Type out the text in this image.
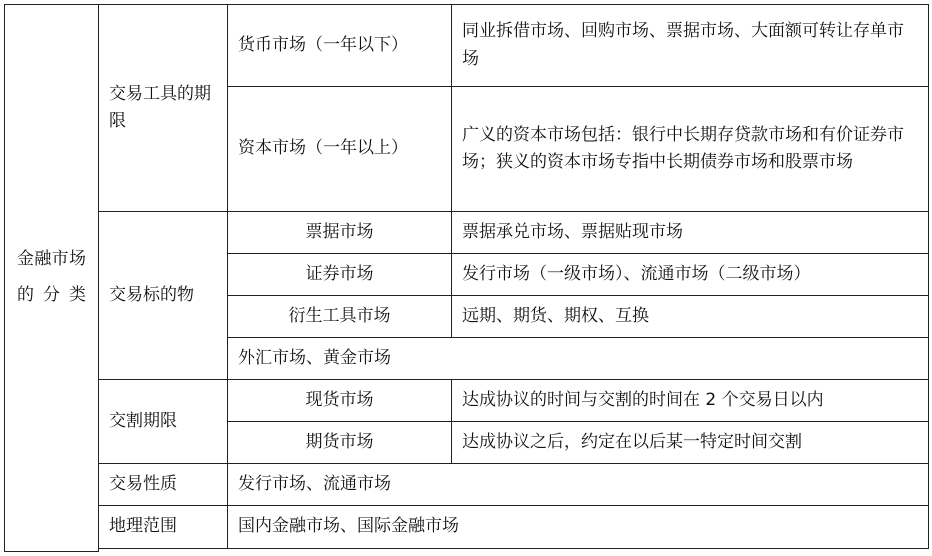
金融市场的分类	交易工具的期限	货币市场（一年以下）	同业拆借市场、回购市场、票据市场、大面额可转让存单市场
		资本市场（一年以上）	广义的资本市场包括：银行中长期存贷款市场和有价证券市场；狭义的资本市场专指中长期债券市场和股票市场
	交易标的物	票据市场	票据承兑市场、票据贴现市场
		证券市场	发行市场（一级市场）、流通市场（二级市场）
		衍生工具市场	远期、期货、期权、互换
		外汇市场、黄金市场	
	交割期限	现货市场	达成协议的时间与交割的时间在 2 个交易日以内
		期货市场	达成协议之后，约定在以后某一特定时间交割
	交易性质	发行市场、流通市场	
	地理范围	国内金融市场、国际金融市场	
